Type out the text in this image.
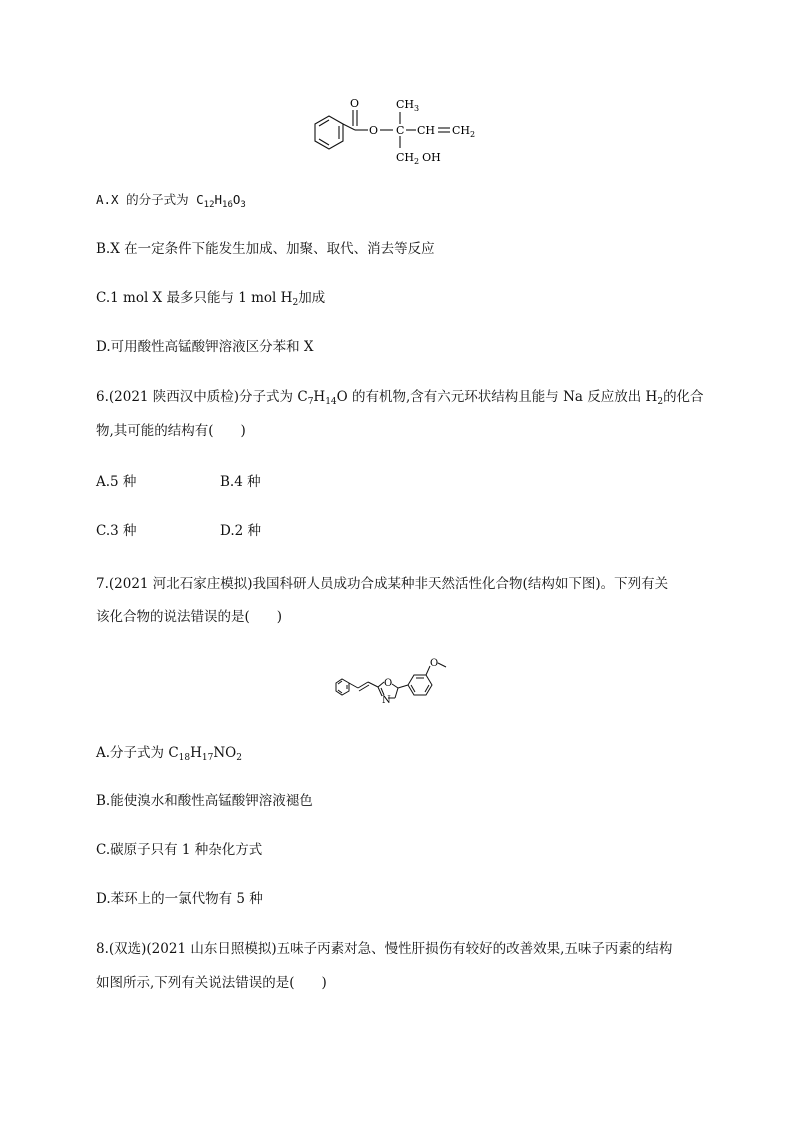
O
O C
$CH_3$
CH $CH_2$
$CH_2$ OH
A.X 的分子式为 $C_{12}H_{16}O_3$
B.X 在一定条件下能发生加成、加聚、取代、消去等反应
C.1 mol X 最多只能与 1 mol $H_2$加成
D.可用酸性高锰酸钾溶液区分苯和 X
6.(2021 陕西汉中质检)分子式为 $C_7H_{14}O$ 的有机物,含有六元环状结构且能与 Na 反应放出 $H_2$的化合
物,其可能的结构有(　　)
A.5 种	B.4 种
C.3 种	D.2 种
7.(2021 河北石家庄模拟)我国科研人员成功合成某种非天然活性化合物(结构如下图)。下列有关
该化合物的说法错误的是(　　)
O
N
O
A.分子式为 $C_{18}H_{17}NO_2$
B.能使溴水和酸性高锰酸钾溶液褪色
C.碳原子只有 1 种杂化方式
D.苯环上的一氯代物有 5 种
8.(双选)(2021 山东日照模拟)五味子丙素对急、慢性肝损伤有较好的改善效果,五味子丙素的结构
如图所示,下列有关说法错误的是(　　)
